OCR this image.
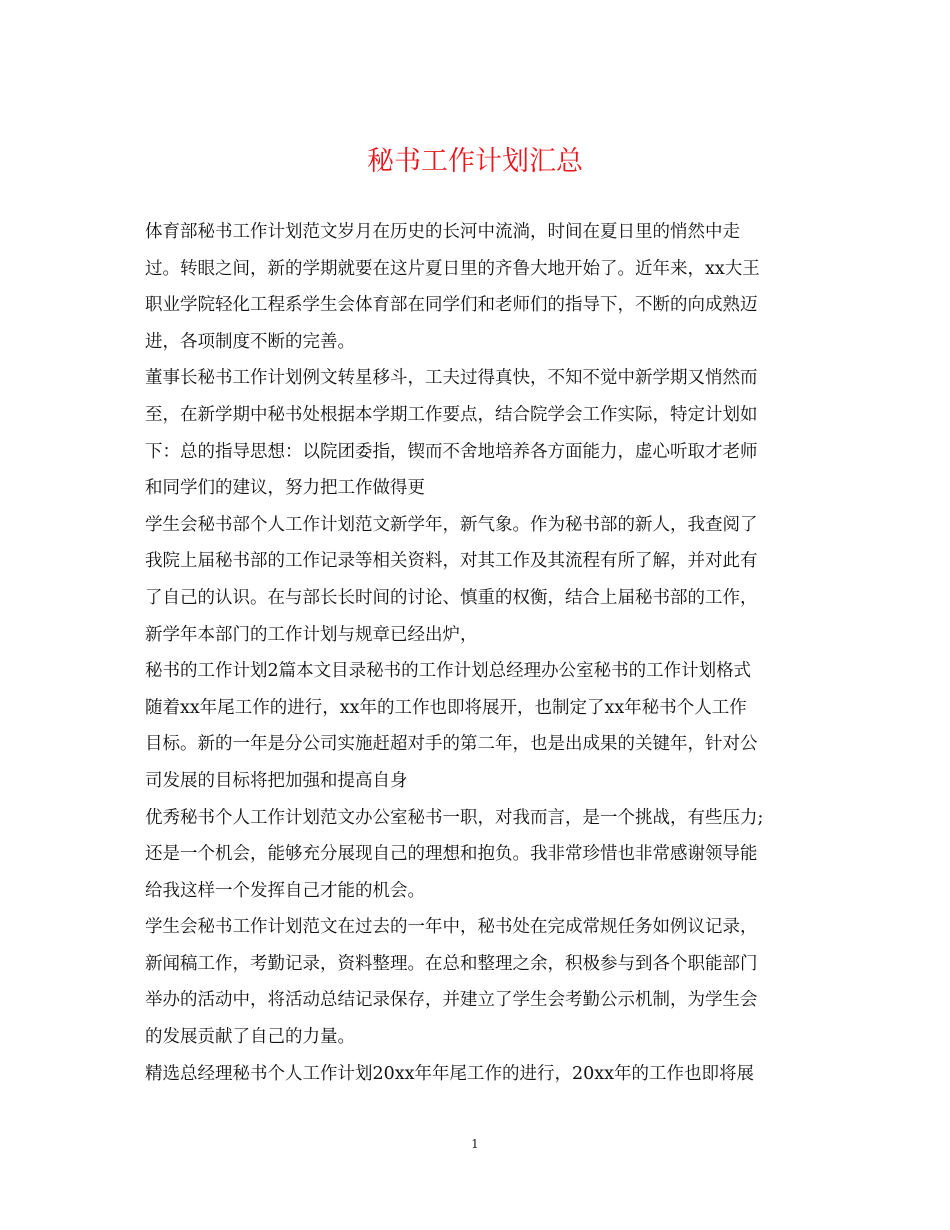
秘书工作计划汇总

体育部秘书工作计划范文岁月在历史的长河中流淌，时间在夏日里的悄然中走
过。转眼之间，新的学期就要在这片夏日里的齐鲁大地开始了。近年来，xx大王
职业学院轻化工程系学生会体育部在同学们和老师们的指导下，不断的向成熟迈
进，各项制度不断的完善。

董事长秘书工作计划例文转星移斗，工夫过得真快，不知不觉中新学期又悄然而
至，在新学期中秘书处根据本学期工作要点，结合院学会工作实际，特定计划如
下：总的指导思想：以院团委指，锲而不舍地培养各方面能力，虚心听取才老师
和同学们的建议，努力把工作做得更

学生会秘书部个人工作计划范文新学年，新气象。作为秘书部的新人，我查阅了
我院上届秘书部的工作记录等相关资料，对其工作及其流程有所了解，并对此有
了自己的认识。在与部长长时间的讨论、慎重的权衡，结合上届秘书部的工作，
新学年本部门的工作计划与规章已经出炉，

秘书的工作计划2篇本文目录秘书的工作计划总经理办公室秘书的工作计划格式
随着xx年尾工作的进行，xx年的工作也即将展开，也制定了xx年秘书个人工作
目标。新的一年是分公司实施赶超对手的第二年，也是出成果的关键年，针对公
司发展的目标将把加强和提高自身

优秀秘书个人工作计划范文办公室秘书一职，对我而言，是一个挑战，有些压力;
还是一个机会，能够充分展现自己的理想和抱负。我非常珍惜也非常感谢领导能
给我这样一个发挥自己才能的机会。

学生会秘书工作计划范文在过去的一年中，秘书处在完成常规任务如例议记录，
新闻稿工作，考勤记录，资料整理。在总和整理之余，积极参与到各个职能部门
举办的活动中，将活动总结记录保存，并建立了学生会考勤公示机制，为学生会
的发展贡献了自己的力量。

精选总经理秘书个人工作计划20xx年年尾工作的进行，20xx年的工作也即将展

1
